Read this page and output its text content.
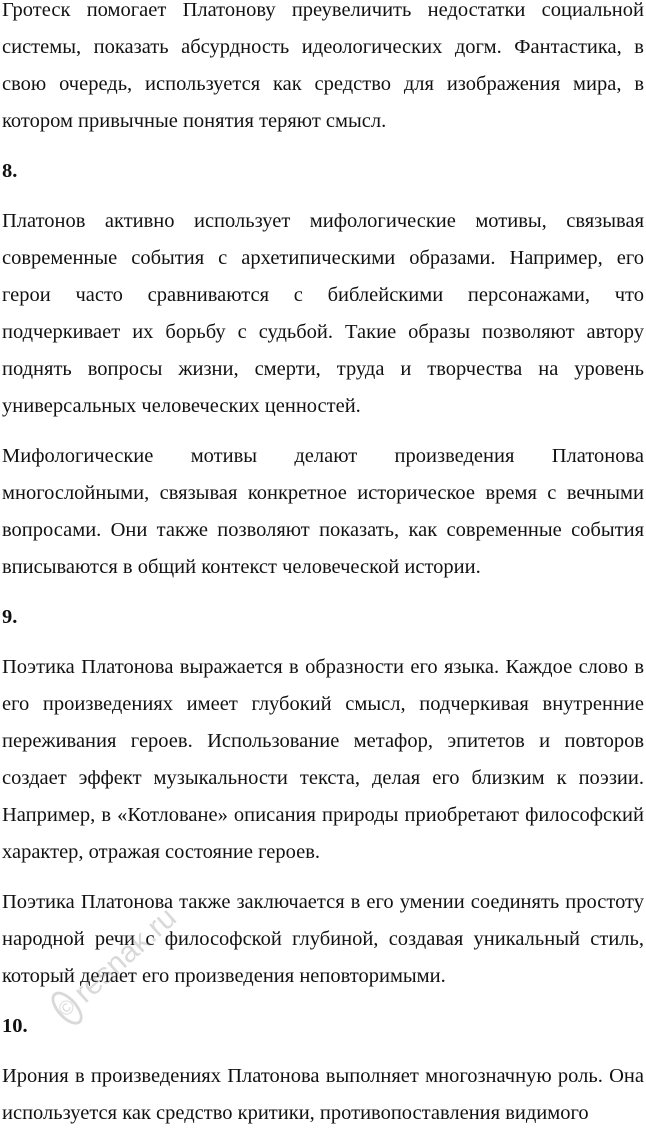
Гротеск помогает Платонову преувеличить недостатки социальной системы, показать абсурдность идеологических догм. Фантастика, в свою очередь, используется как средство для изображения мира, в котором привычные понятия теряют смысл.

8.

Платонов активно использует мифологические мотивы, связывая современные события с архетипическими образами. Например, его герои часто сравниваются с библейскими персонажами, что подчеркивает их борьбу с судьбой. Такие образы позволяют автору поднять вопросы жизни, смерти, труда и творчества на уровень универсальных человеческих ценностей.

Мифологические мотивы делают произведения Платонова многослойными, связывая конкретное историческое время с вечными вопросами. Они также позволяют показать, как современные события вписываются в общий контекст человеческой истории.

9.

Поэтика Платонова выражается в образности его языка. Каждое слово в его произведениях имеет глубокий смысл, подчеркивая внутренние переживания героев. Использование метафор, эпитетов и повторов создает эффект музыкальности текста, делая его близким к поэзии. Например, в «Котловане» описания природы приобретают философский характер, отражая состояние героев.

Поэтика Платонова также заключается в его умении соединять простоту народной речи с философской глубиной, создавая уникальный стиль, который делает его произведения неповторимыми.

10.

Ирония в произведениях Платонова выполняет многозначную роль. Она используется как средство критики, противопоставления видимого

©
resnak.ru
